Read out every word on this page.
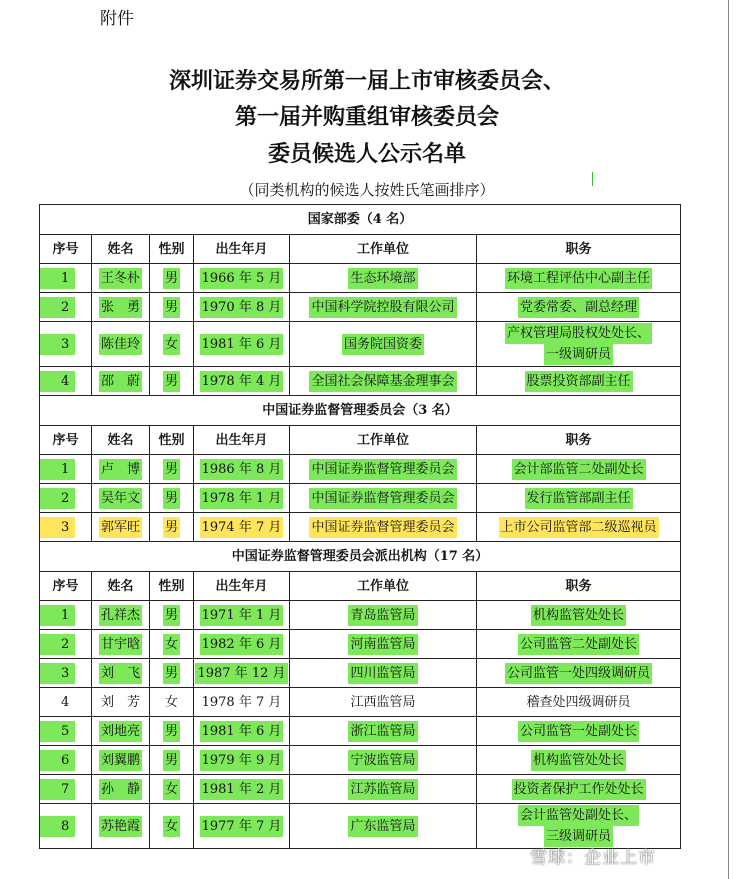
附件
深圳证券交易所第一届上市审核委员会、
第一届并购重组审核委员会
委员候选人公示名单
（同类机构的候选人按姓氏笔画排序）
国家部委（4 名）					
序号	姓名	性别	出生年月	工作单位	职务
1	王冬朴	男	1966 年 5 月	生态环境部	环境工程评估中心副主任
2	张　勇	男	1970 年 8 月	中国科学院控股有限公司	党委常委、副总经理
3	陈佳玲	女	1981 年 6 月	国务院国资委	产权管理局股权处处长、
一级调研员
4	邵　蔚	男	1978 年 4 月	全国社会保障基金理事会	股票投资部副主任
中国证券监督管理委员会（3 名）					
序号	姓名	性别	出生年月	工作单位	职务
1	卢　博	男	1986 年 8 月	中国证券监督管理委员会	会计部监管二处副处长
2	吴年文	男	1978 年 1 月	中国证券监督管理委员会	发行监管部副主任
3	郭军旺	男	1974 年 7 月	中国证券监督管理委员会	上市公司监管部二级巡视员
中国证券监督管理委员会派出机构（17 名）					
序号	姓名	性别	出生年月	工作单位	职务
1	孔祥杰	男	1971 年 1 月	青岛监管局	机构监管处处长
2	甘宇晗	女	1982 年 6 月	河南监管局	公司监管二处副处长
3	刘　飞	男	1987 年 12 月	四川监管局	公司监管一处四级调研员
4	刘　芳	女	1978 年 7 月	江西监管局	稽查处四级调研员
5	刘地亮	男	1981 年 6 月	浙江监管局	公司监管一处副处长
6	刘翼鹏	男	1979 年 9 月	宁波监管局	机构监管处处长
7	孙　静	女	1981 年 2 月	江苏监管局	投资者保护工作处处长
8	苏艳霞	女	1977 年 7 月	广东监管局	会计监管处副处长、
三级调研员
雪球：企业上市
